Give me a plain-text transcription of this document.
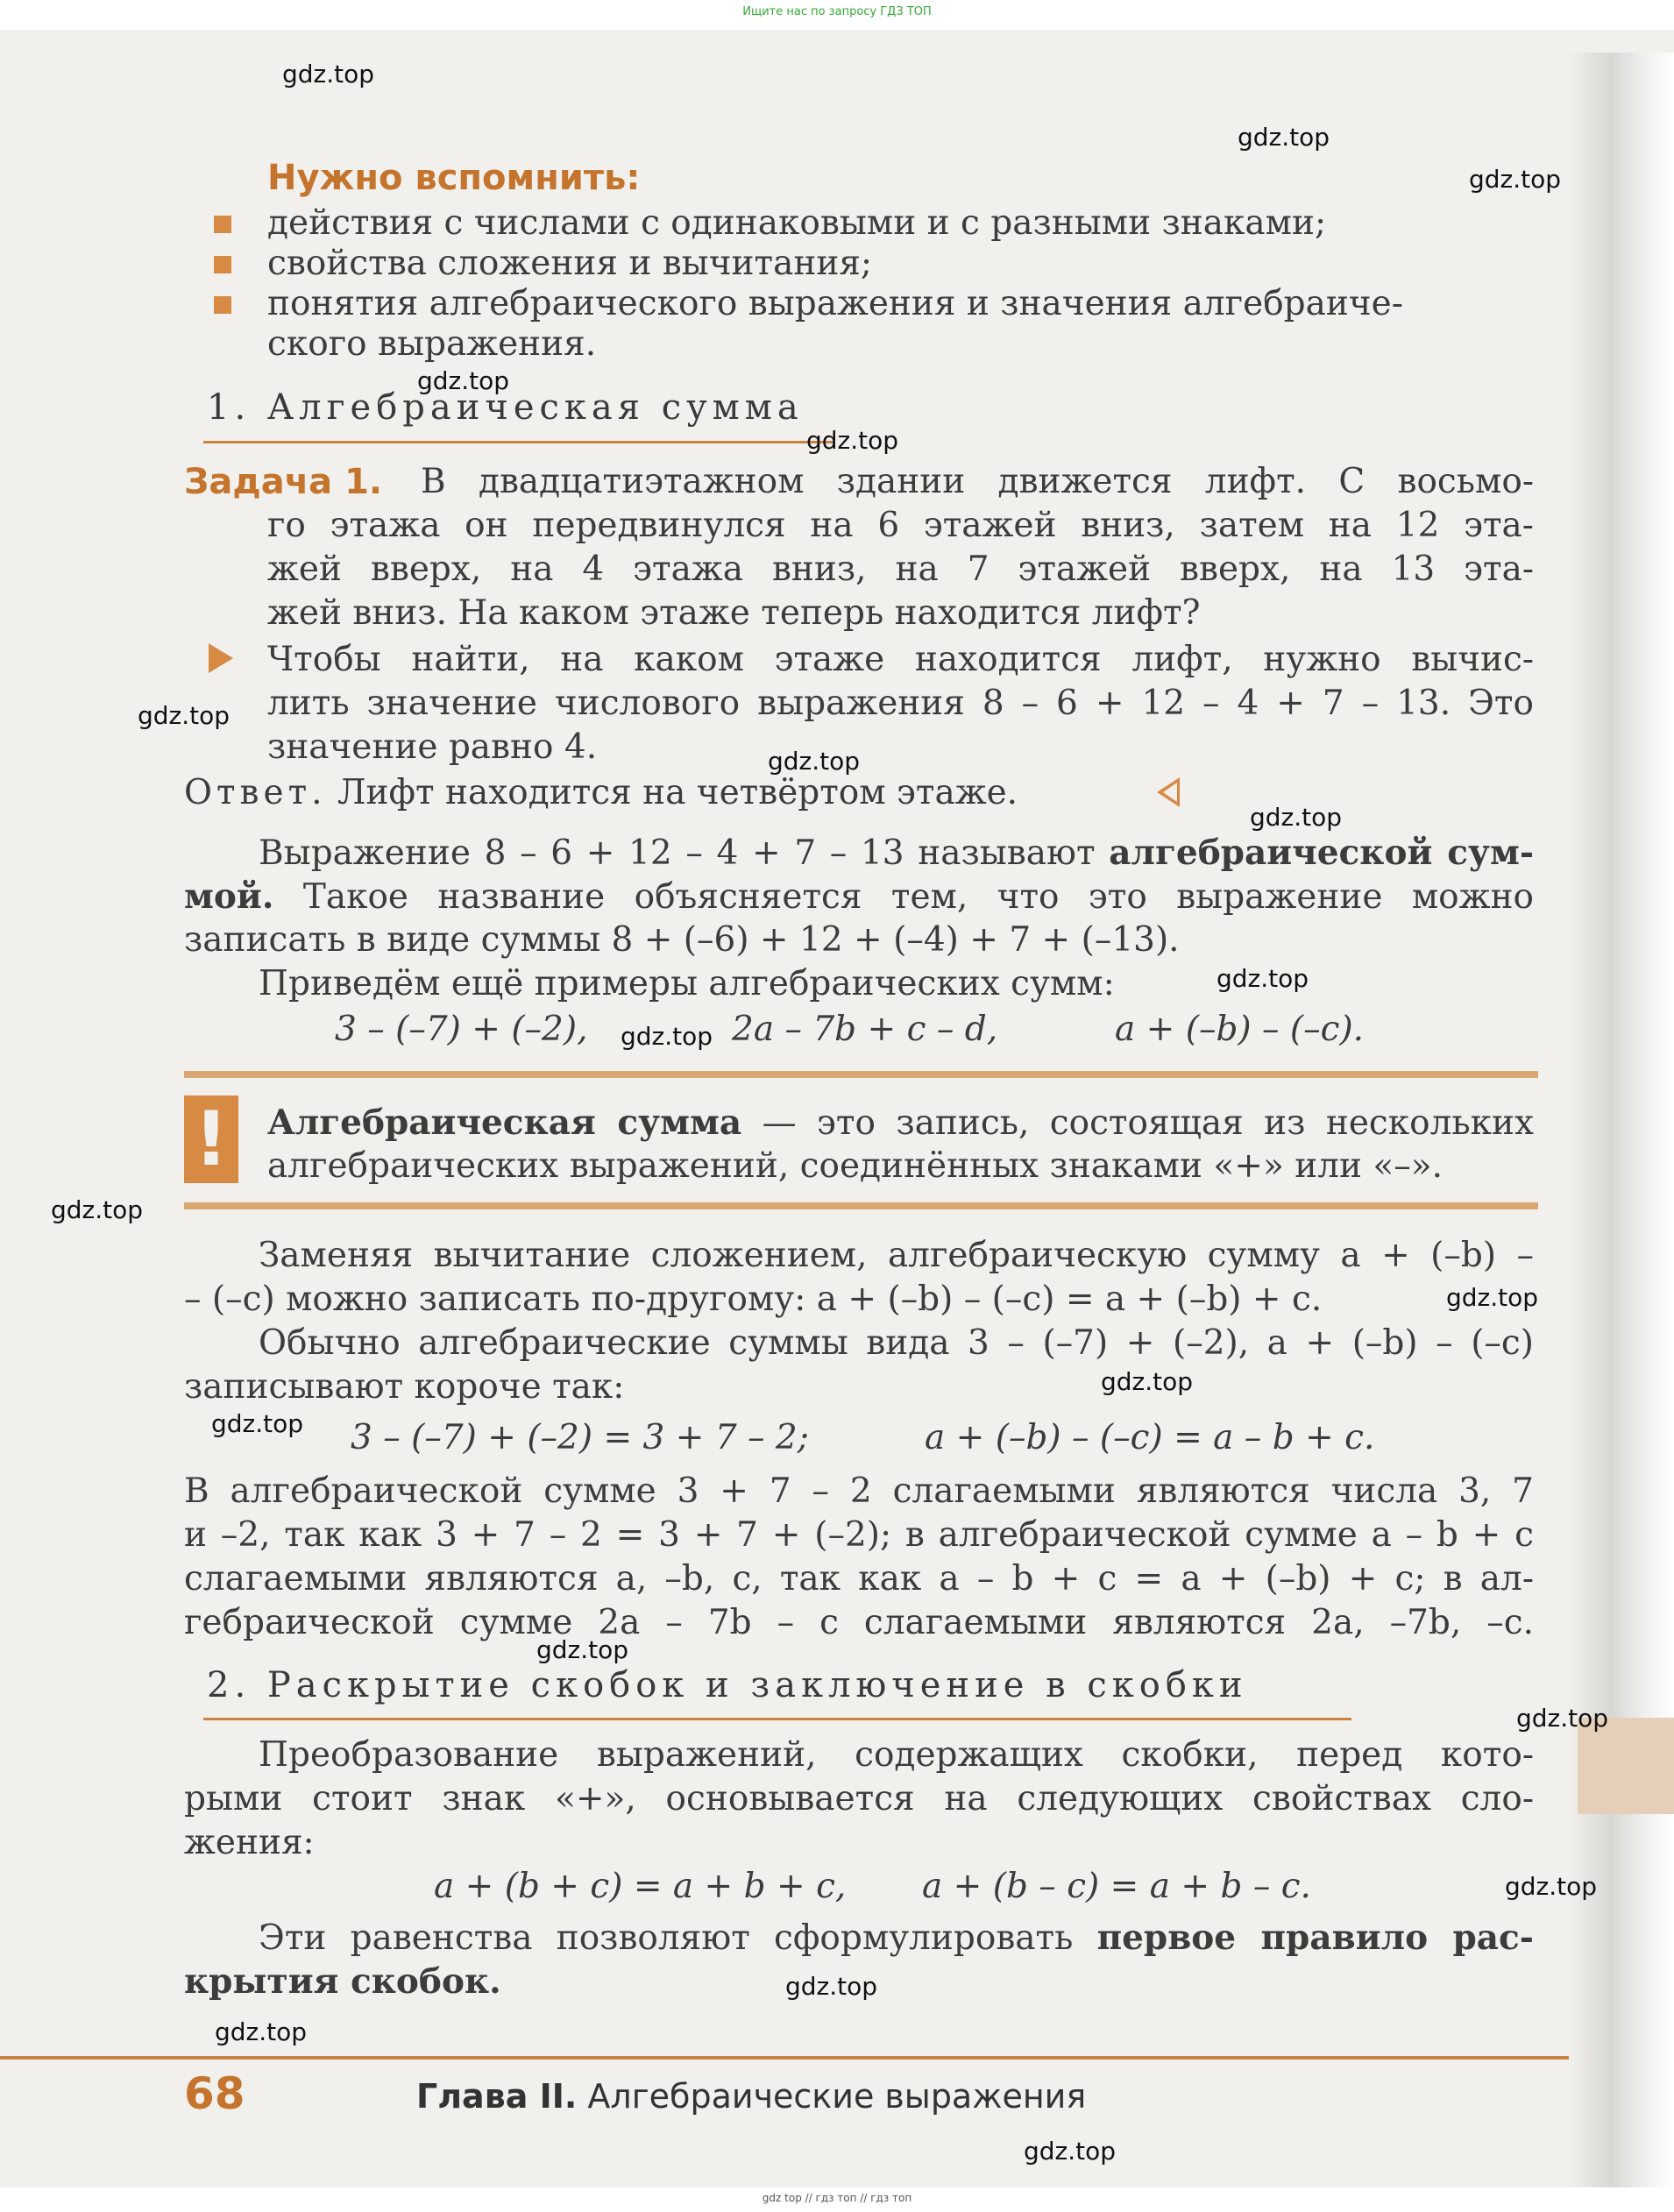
Ищите нас по запросу ГДЗ ТОП
Нужно вспомнить:
действия с числами с одинаковыми и с разными знаками;
свойства сложения и вычитания;
понятия алгебраического выражения и значения алгебраиче-
ского выражения.
1. Алгебраическая сумма
Задача 1. В двадцатиэтажном здании движется лифт. С восьмо-
го этажа он передвинулся на 6 этажей вниз, затем на 12 эта-
жей вверх, на 4 этажа вниз, на 7 этажей вверх, на 13 эта-
жей вниз. На каком этаже теперь находится лифт?
Чтобы найти, на каком этаже находится лифт, нужно вычис-
лить значение числового выражения 8 – 6 + 12 – 4 + 7 – 13. Это
значение равно 4.
Ответ. Лифт находится на четвёртом этаже.
Выражение 8 – 6 + 12 – 4 + 7 – 13 называют алгебраической сум-
мой. Такое название объясняется тем, что это выражение можно
записать в виде суммы 8 + (–6) + 12 + (–4) + 7 + (–13).
Приведём ещё примеры алгебраических сумм:
3 – (–7) + (–2),	2a – 7b + c – d,	a + (–b) – (–c).
! Алгебраическая сумма — это запись, состоящая из нескольких
алгебраических выражений, соединённых знаками «+» или «–».
Заменяя вычитание сложением, алгебраическую сумму a + (–b) –
– (–c) можно записать по-другому: a + (–b) – (–c) = a + (–b) + c.
Обычно алгебраические суммы вида 3 – (–7) + (–2), a + (–b) – (–c)
записывают короче так:
3 – (–7) + (–2) = 3 + 7 – 2;	a + (–b) – (–c) = a – b + c.
В алгебраической сумме 3 + 7 – 2 слагаемыми являются числа 3, 7
и –2, так как 3 + 7 – 2 = 3 + 7 + (–2); в алгебраической сумме a – b + c
слагаемыми являются a, –b, c, так как a – b + c = a + (–b) + c; в ал-
гебраической сумме 2a – 7b – c слагаемыми являются 2a, –7b, –c.
2. Раскрытие скобок и заключение в скобки
Преобразование выражений, содержащих скобки, перед кото-
рыми стоит знак «+», основывается на следующих свойствах сло-
жения:
a + (b + c) = a + b + c, a + (b – c) = a + b – c.
Эти равенства позволяют сформулировать первое правило рас-
крытия скобок.
68	Глава II. Алгебраические выражения
gdz.top
gdz.top
gdz.top
gdz.top
gdz.top
gdz.top
gdz.top
gdz.top
gdz.top
gdz.top
gdz.top
gdz.top
gdz.top
gdz.top
gdz.top
gdz.top
gdz.top
gdz.top
gdz.top
gdz.top
gdz top // гдз топ // гдз топ
